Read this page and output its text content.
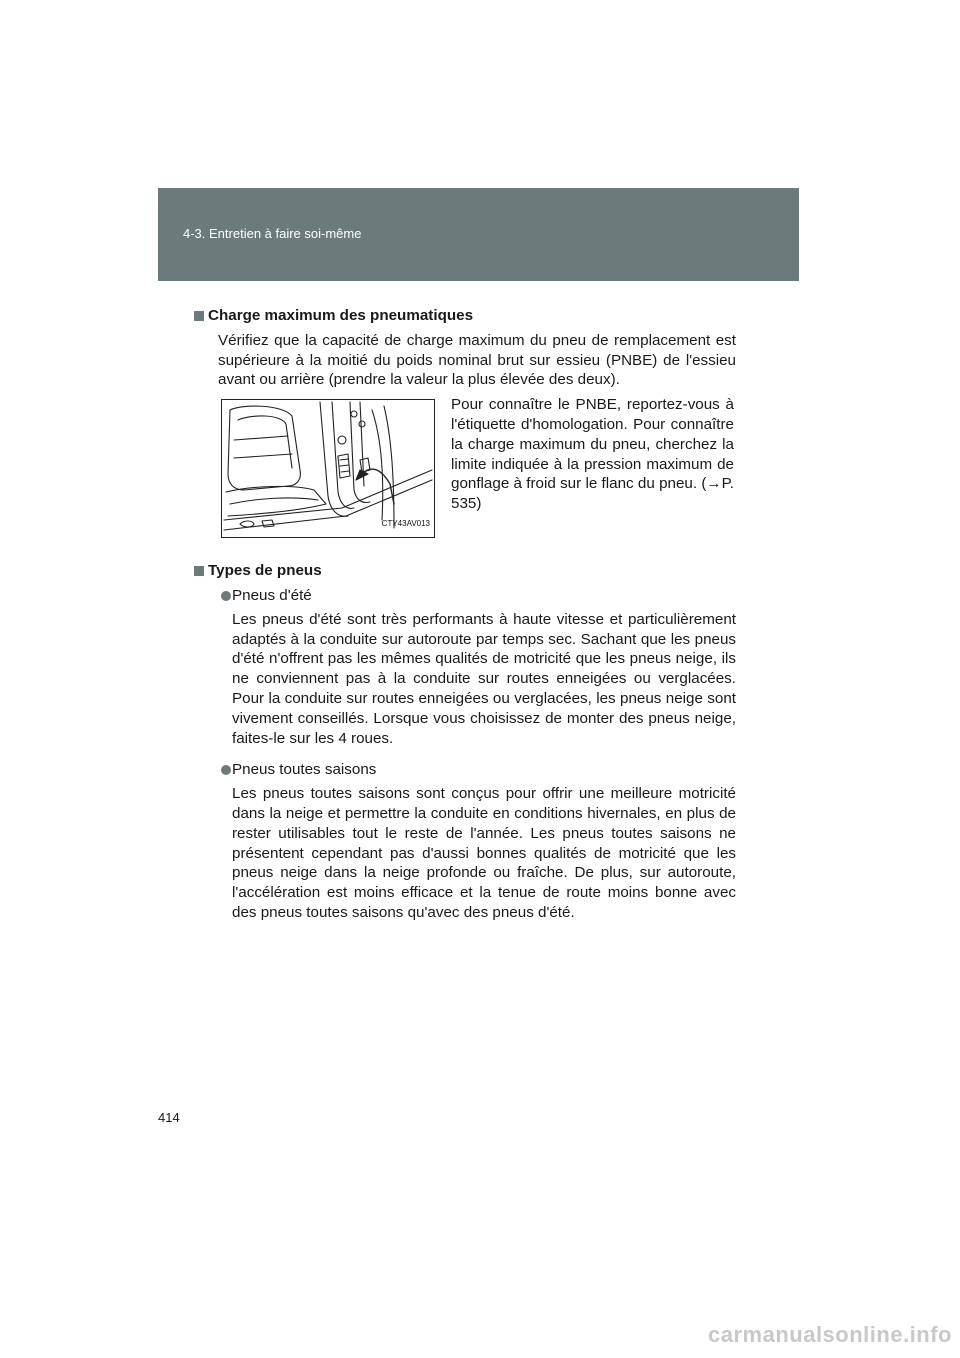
4-3. Entretien à faire soi-même
Charge maximum des pneumatiques

Vérifiez que la capacité de charge maximum du pneu de remplacement est supérieure à la moitié du poids nominal brut sur essieu (PNBE) de l'essieu avant ou arrière (prendre la valeur la plus élevée des deux).

CTY43AV013
Pour connaître le PNBE, reportez-vous à l'étiquette d'homologation. Pour connaître la charge maximum du pneu, cherchez la limite indiquée à la pression maximum de gonflage à froid sur le flanc du pneu. (→P. 535)
Types de pneus
Pneus d'été

Les pneus d'été sont très performants à haute vitesse et particulièrement adaptés à la conduite sur autoroute par temps sec. Sachant que les pneus d'été n'offrent pas les mêmes qualités de motricité que les pneus neige, ils ne conviennent pas à la conduite sur routes enneigées ou verglacées. Pour la conduite sur routes enneigées ou verglacées, les pneus neige sont vivement conseillés. Lorsque vous choisissez de monter des pneus neige, faites-le sur les 4 roues.

Pneus toutes saisons

Les pneus toutes saisons sont conçus pour offrir une meilleure motricité dans la neige et permettre la conduite en conditions hivernales, en plus de rester utilisables tout le reste de l'année. Les pneus toutes saisons ne présentent cependant pas d'aussi bonnes qualités de motricité que les pneus neige dans la neige profonde ou fraîche. De plus, sur autoroute, l'accélération est moins efficace et la tenue de route moins bonne avec des pneus toutes saisons qu'avec des pneus d'été.

414
carmanualsonline.info
